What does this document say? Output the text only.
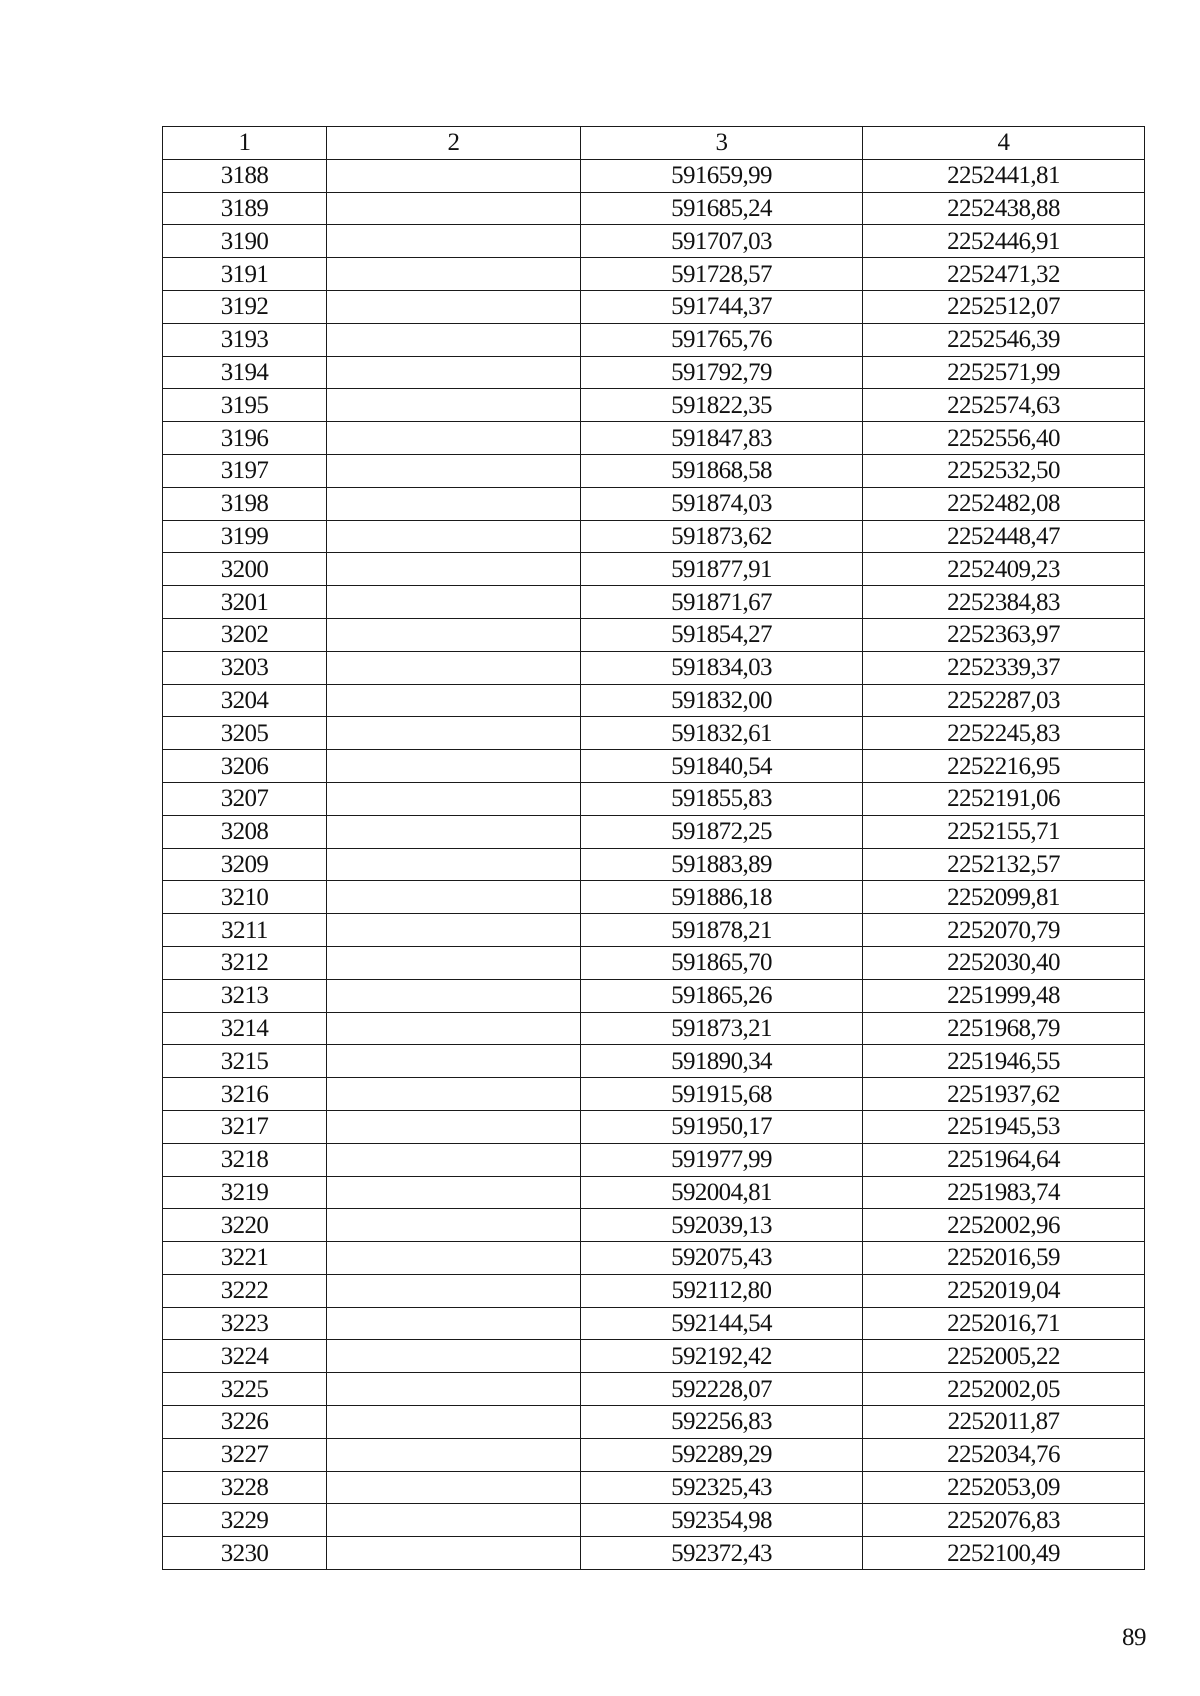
1	2	3	4
3188		591659,99	2252441,81
3189		591685,24	2252438,88
3190		591707,03	2252446,91
3191		591728,57	2252471,32
3192		591744,37	2252512,07
3193		591765,76	2252546,39
3194		591792,79	2252571,99
3195		591822,35	2252574,63
3196		591847,83	2252556,40
3197		591868,58	2252532,50
3198		591874,03	2252482,08
3199		591873,62	2252448,47
3200		591877,91	2252409,23
3201		591871,67	2252384,83
3202		591854,27	2252363,97
3203		591834,03	2252339,37
3204		591832,00	2252287,03
3205		591832,61	2252245,83
3206		591840,54	2252216,95
3207		591855,83	2252191,06
3208		591872,25	2252155,71
3209		591883,89	2252132,57
3210		591886,18	2252099,81
3211		591878,21	2252070,79
3212		591865,70	2252030,40
3213		591865,26	2251999,48
3214		591873,21	2251968,79
3215		591890,34	2251946,55
3216		591915,68	2251937,62
3217		591950,17	2251945,53
3218		591977,99	2251964,64
3219		592004,81	2251983,74
3220		592039,13	2252002,96
3221		592075,43	2252016,59
3222		592112,80	2252019,04
3223		592144,54	2252016,71
3224		592192,42	2252005,22
3225		592228,07	2252002,05
3226		592256,83	2252011,87
3227		592289,29	2252034,76
3228		592325,43	2252053,09
3229		592354,98	2252076,83
3230		592372,43	2252100,49
89
